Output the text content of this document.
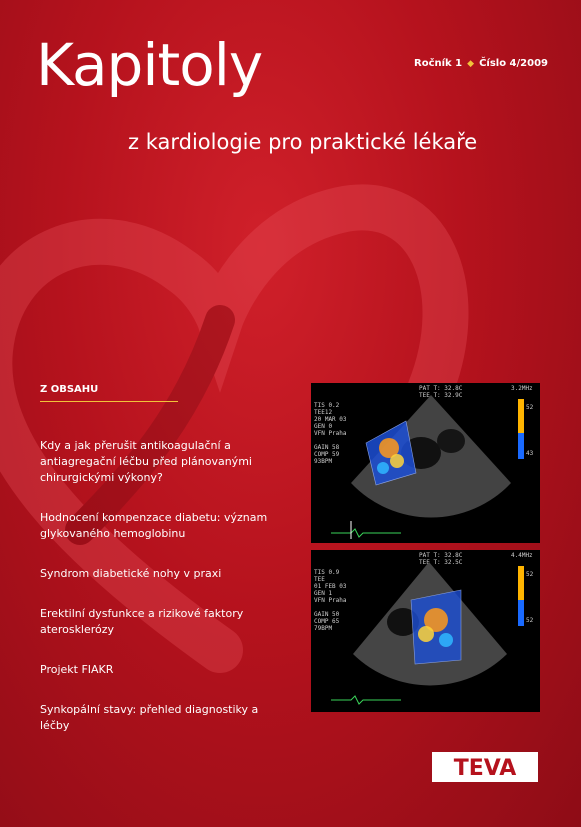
Kapitoly
z kardiologie pro praktické lékaře
Ročník 1 ◆ Číslo 4/2009
Z OBSAHU
Kdy a jak přerušit antikoagulační a antiagregační léčbu před plánovanými chirurgickými výkony?
Hodnocení kompenzace diabetu: význam glykovaného hemoglobinu
Syndrom diabetické nohy v praxi
Erektilní dysfunkce a rizikové faktory aterosklerózy
Projekt FIAKR
Synkopální stavy: přehled diagnostiky a léčby
PAT T: 32.8C
TEE T: 32.9C
3.2MHz
TIS 0.2
TEE12
20 MAR 03
GEN 0
VFN Praha
GAIN 58
COMP 59
93BPM
52
43
PAT T: 32.8C
TEE T: 32.5C
4.4MHz
TIS 0.9
TEE
01 FEB 03
GEN 1
VFN Praha
GAIN 50
COMP 65
79BPM
52
52
TEVA
